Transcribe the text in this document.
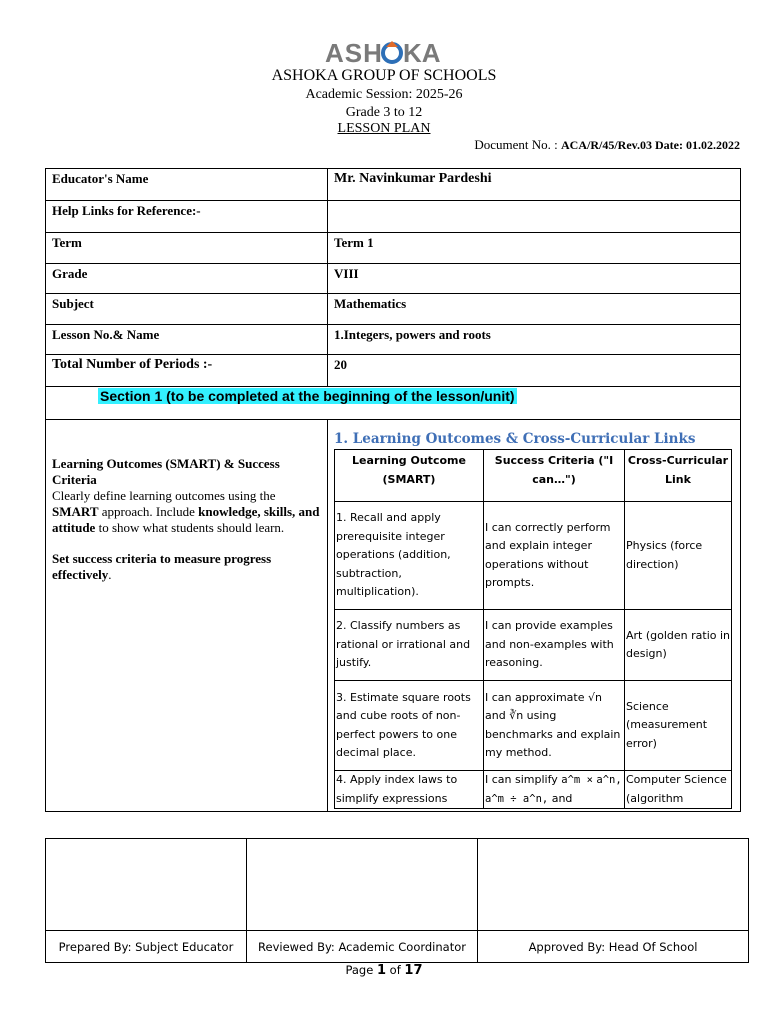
ASH KA
ASHOKA GROUP OF SCHOOLS
Academic Session: 2025-26
Grade 3 to 12
LESSON PLAN
Document No. : ACA/R/45/Rev.03 Date: 01.02.2022
Educator's Name	Mr. Navinkumar Pardeshi
Help Links for Reference:-	
Term	Term 1
Grade	VIII
Subject	Mathematics
Lesson No.& Name	1.Integers, powers and roots
Total Number of Periods :-	20
Section 1 (to be completed at the beginning of the lesson/unit)

Learning Outcomes (SMART) & Success Criteria
Clearly define learning outcomes using the SMART approach. Include knowledge, skills, and attitude to show what students should learn.
Set success criteria to measure progress effectively.

1. Learning Outcomes & Cross-Curricular Links
Learning Outcome (SMART)	Success Criteria ("I
can…")	Cross-Curricular Link
1. Recall and apply prerequisite integer operations (addition, subtraction, multiplication).	I can correctly perform and explain integer operations without prompts.	Physics (force direction)
2. Classify numbers as rational or irrational and justify.	I can provide examples and non-examples with reasoning.	Art (golden ratio in design)
3. Estimate square roots and cube roots of non-perfect powers to one decimal place.	I can approximate √n and ∛n using benchmarks and explain my method.	Science (measurement error)
4. Apply index laws to simplify expressions	I can simplify a^m × a^n, a^m ÷ a^n, and	Computer Science (algorithm

Prepared By: Subject Educator	Reviewed By: Academic Coordinator	Approved By: Head Of School
Page 1 of 17
